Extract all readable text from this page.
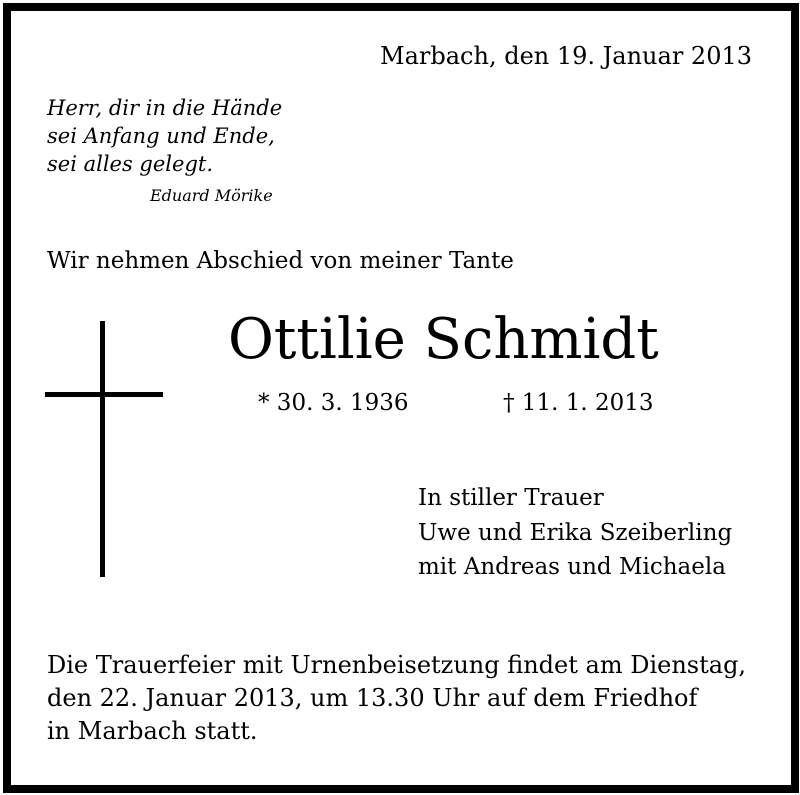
Marbach, den 19. Januar 2013
Herr, dir in die Hände
sei Anfang und Ende,
sei alles gelegt.
Eduard Mörike
Wir nehmen Abschied von meiner Tante
Ottilie Schmidt
* 30. 3. 1936	† 11. 1. 2013
In stiller Trauer
Uwe und Erika Szeiberling
mit Andreas und Michaela
Die Trauerfeier mit Urnenbeisetzung findet am Dienstag,
den 22. Januar 2013, um 13.30 Uhr auf dem Friedhof
in Marbach statt.
